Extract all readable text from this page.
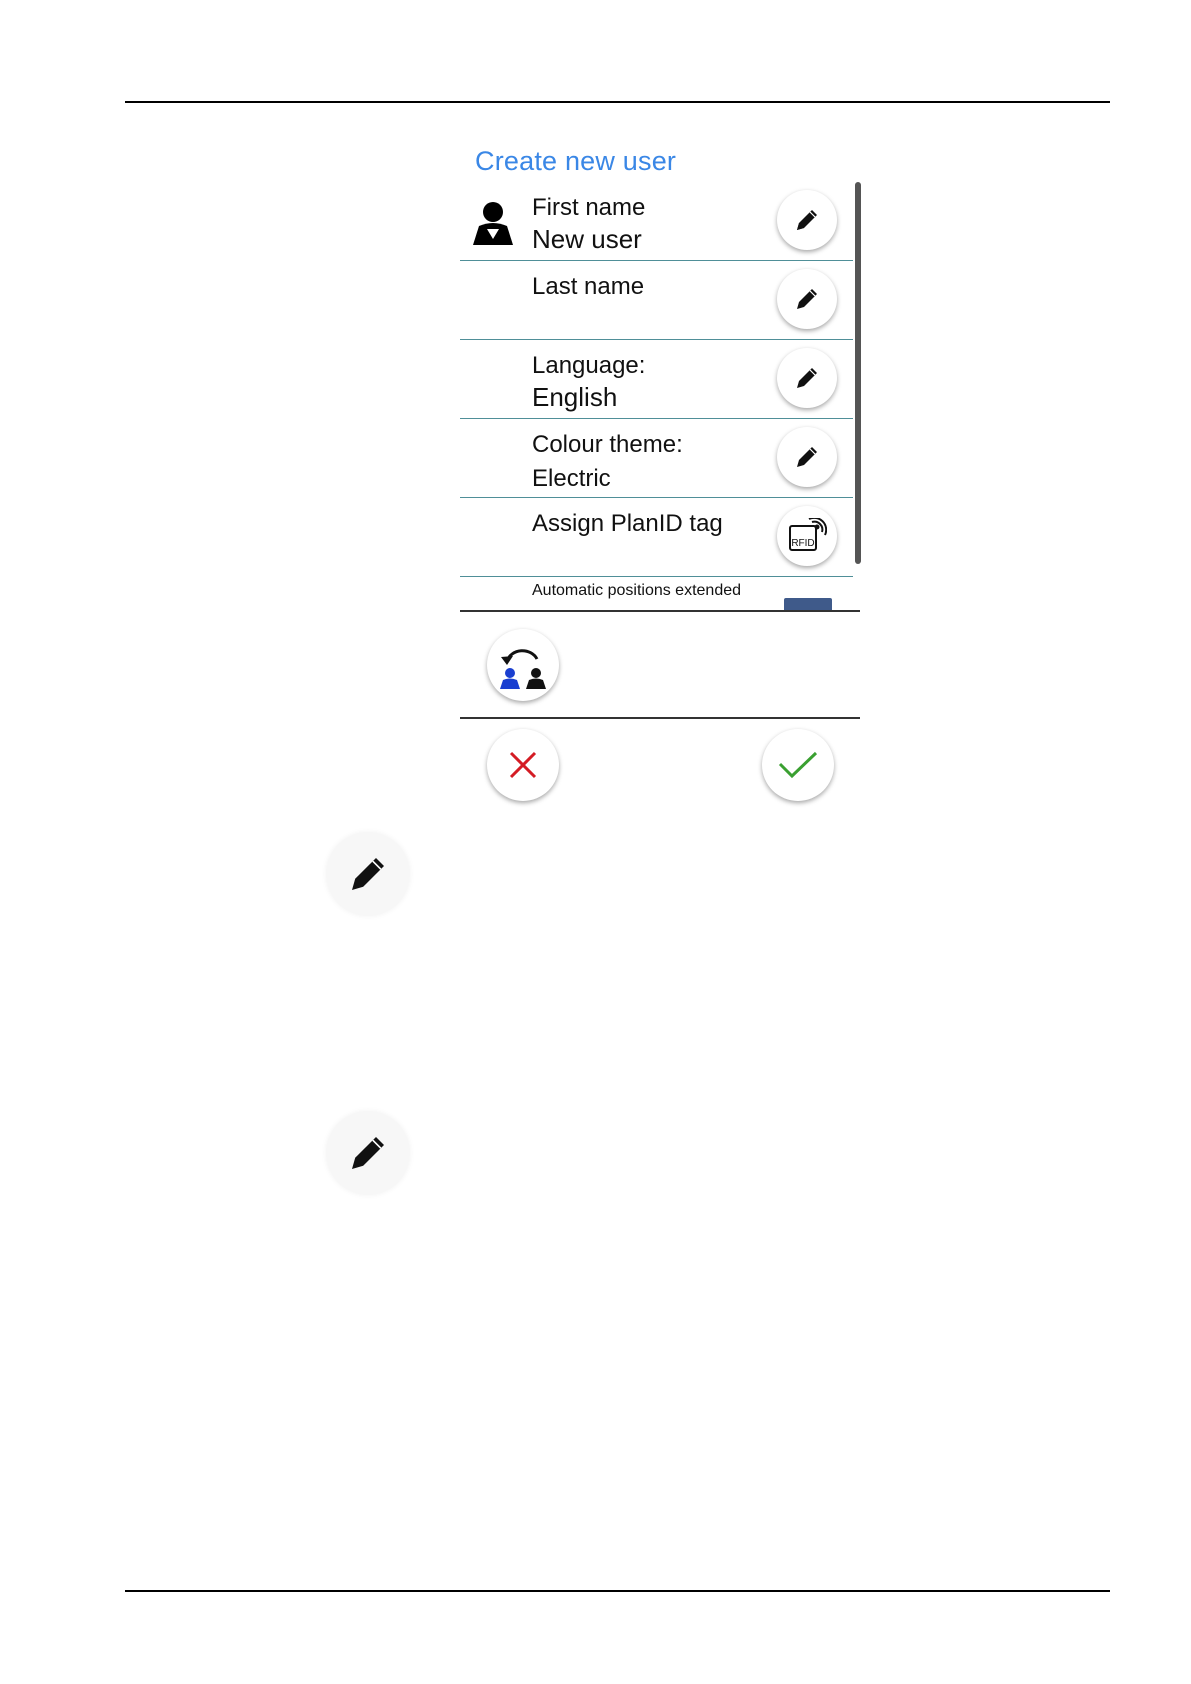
Create new user
First name
New user
Last name
Language:
English
Colour theme:
Electric
Assign PlanID tag
RFID
Automatic positions extended
